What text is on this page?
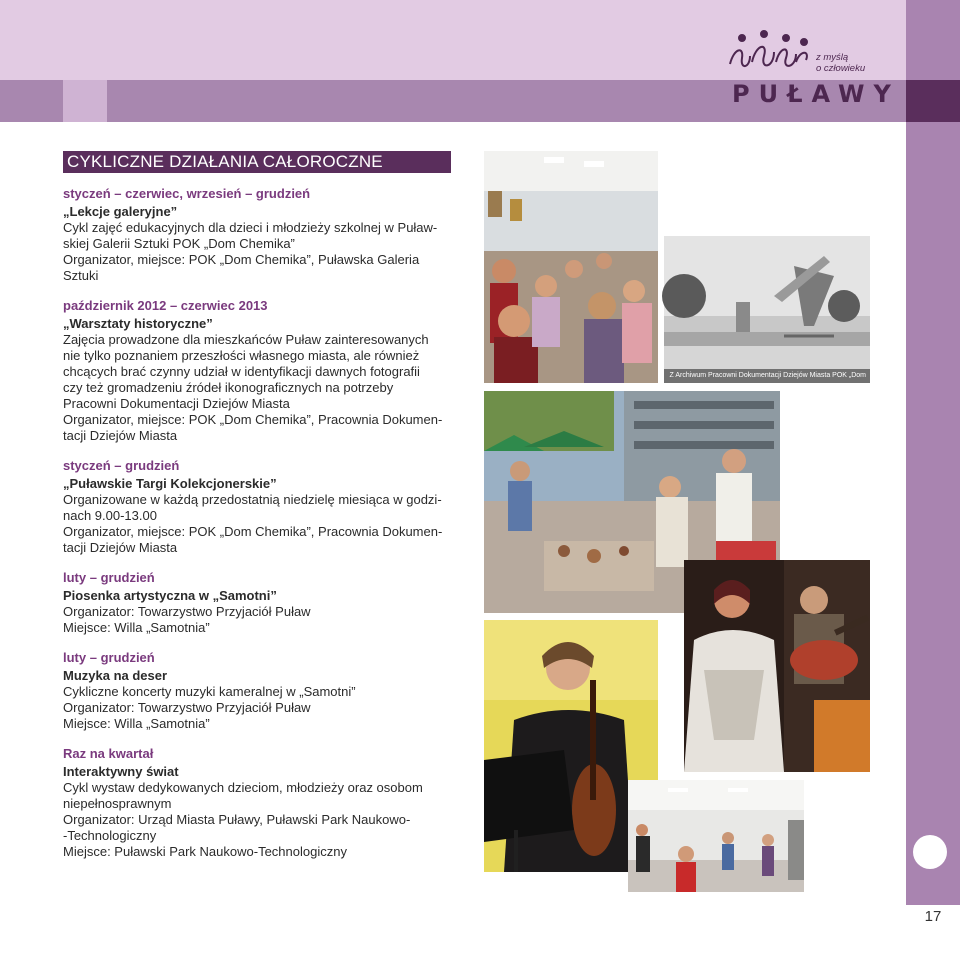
17
z myślą
o człowieku
PUŁAWY
CYKLICZNE DZIAŁANIA CAŁOROCZNE
styczeń – czerwiec, wrzesień – grudzień
„Lekcje galeryjne”
Cykl zajęć edukacyjnych dla dzieci i młodzieży szkolnej w Puław-
skiej Galerii Sztuki POK „Dom Chemika”
Organizator, miejsce: POK „Dom Chemika”, Puławska Galeria
Sztuki
październik 2012 – czerwiec 2013
„Warsztaty historyczne”
Zajęcia prowadzone dla mieszkańców Puław zainteresowanych
nie tylko poznaniem przeszłości własnego miasta, ale również
chcących brać czynny udział w identyfikacji dawnych fotografii
czy też gromadzeniu źródeł ikonograficznych na potrzeby
Pracowni Dokumentacji Dziejów Miasta
Organizator, miejsce: POK „Dom Chemika”, Pracownia Dokumen-
tacji Dziejów Miasta
styczeń – grudzień
„Puławskie Targi Kolekcjonerskie”
Organizowane w każdą przedostatnią niedzielę miesiąca w godzi-
nach 9.00-13.00
Organizator, miejsce: POK „Dom Chemika”, Pracownia Dokumen-
tacji Dziejów Miasta
luty – grudzień
Piosenka artystyczna w „Samotni”
Organizator: Towarzystwo Przyjaciół Puław
Miejsce: Willa „Samotnia”
luty – grudzień
Muzyka na deser
Cykliczne koncerty muzyki kameralnej w „Samotni”
Organizator: Towarzystwo Przyjaciół Puław
Miejsce: Willa „Samotnia”
Raz na kwartał
Interaktywny świat
Cykl wystaw dedykowanych dzieciom, młodzieży oraz osobom
niepełnosprawnym
Organizator: Urząd Miasta Puławy, Puławski Park Naukowo-
-Technologiczny
Miejsce: Puławski Park Naukowo-Technologiczny
Z Archiwum Pracowni Dokumentacji Dziejów Miasta POK „Dom Chemika”
